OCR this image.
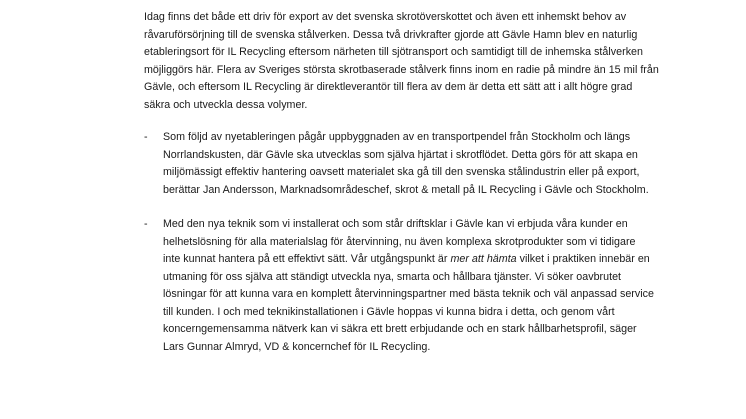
Idag finns det både ett driv för export av det svenska skrotöverskottet och även ett inhemskt behov av
råvaruförsörjning till de svenska stålverken. Dessa två drivkrafter gjorde att Gävle Hamn blev en naturlig
etableringsort för IL Recycling eftersom närheten till sjötransport och samtidigt till de inhemska stålverken
möjliggörs här. Flera av Sveriges största skrotbaserade stålverk finns inom en radie på mindre än 15 mil från
Gävle, och eftersom IL Recycling är direktleverantör till flera av dem är detta ett sätt att i allt högre grad
säkra och utveckla dessa volymer.
- Som följd av nyetableringen pågår uppbyggnaden av en transportpendel från Stockholm och längs
Norrlandskusten, där Gävle ska utvecklas som själva hjärtat i skrotflödet. Detta görs för att skapa en
miljömässigt effektiv hantering oavsett materialet ska gå till den svenska stålindustrin eller på export,
berättar Jan Andersson, Marknadsområdeschef, skrot & metall på IL Recycling i Gävle och Stockholm.
- Med den nya teknik som vi installerat och som står driftsklar i Gävle kan vi erbjuda våra kunder en
helhetslösning för alla materialslag för återvinning, nu även komplexa skrotprodukter som vi tidigare
inte kunnat hantera på ett effektivt sätt. Vår utgångspunkt är mer att hämta vilket i praktiken innebär en
utmaning för oss själva att ständigt utveckla nya, smarta och hållbara tjänster. Vi söker oavbrutet
lösningar för att kunna vara en komplett återvinningspartner med bästa teknik och väl anpassad service
till kunden. I och med teknikinstallationen i Gävle hoppas vi kunna bidra i detta, och genom vårt
koncerngemensamma nätverk kan vi säkra ett brett erbjudande och en stark hållbarhetsprofil, säger
Lars Gunnar Almryd, VD & koncernchef för IL Recycling.
